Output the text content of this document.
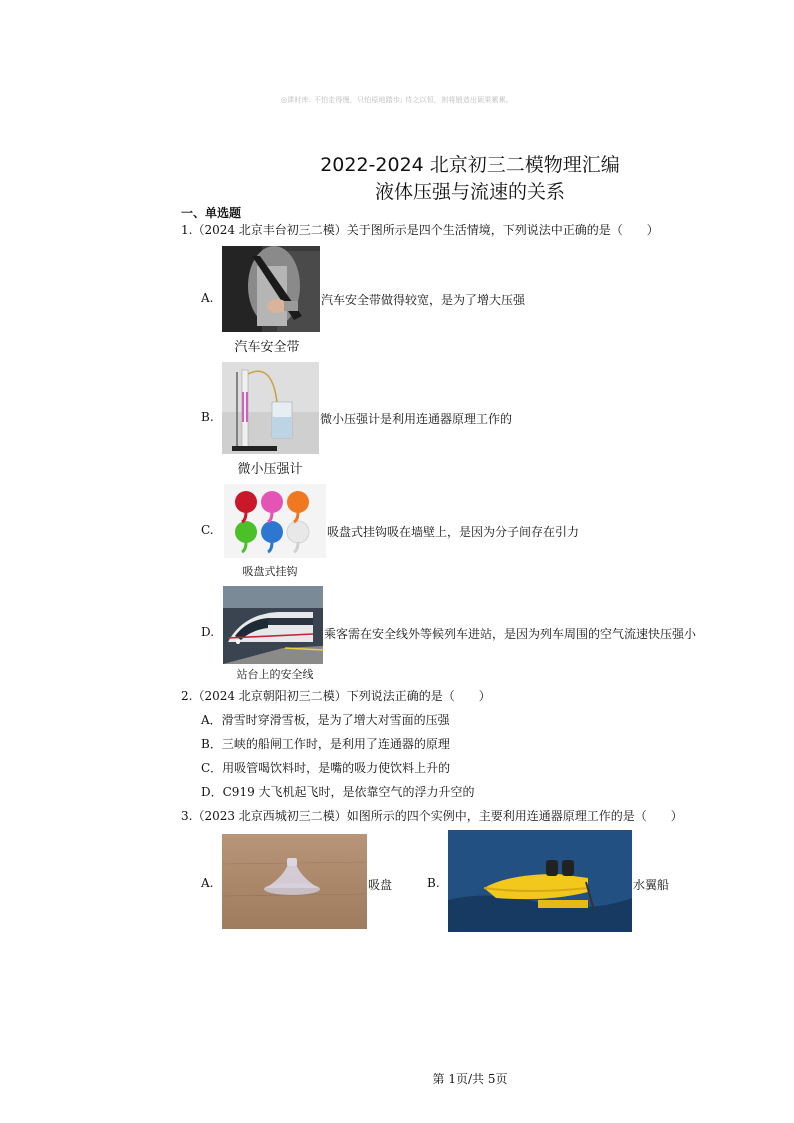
◎课时库: 不怕走得慢，只怕原地踏步; 待之以恒，则将锻造出硕果累累。
2022-2024 北京初三二模物理汇编
液体压强与流速的关系
一、单选题
1.（2024 北京丰台初三二模）关于图所示是四个生活情境，下列说法中正确的是（　　）
A.	汽车安全带做得较宽，是为了增大压强
汽车安全带
B.	微小压强计是利用连通器原理工作的
微小压强计
C.	吸盘式挂钩吸在墙壁上，是因为分子间存在引力
吸盘式挂钩
D.	乘客需在安全线外等候列车进站，是因为列车周围的空气流速快压强小
站台上的安全线
2.（2024 北京朝阳初三二模）下列说法正确的是（　　）
A．滑雪时穿滑雪板，是为了增大对雪面的压强
B．三峡的船闸工作时，是利用了连通器的原理
C．用吸管喝饮料时，是嘴的吸力使饮料上升的
D．C919 大飞机起飞时，是依靠空气的浮力升空的
3.（2023 北京西城初三二模）如图所示的四个实例中，主要利用连通器原理工作的是（　　）
A.	吸盘	B.	水翼船
第 1页/共 5页
